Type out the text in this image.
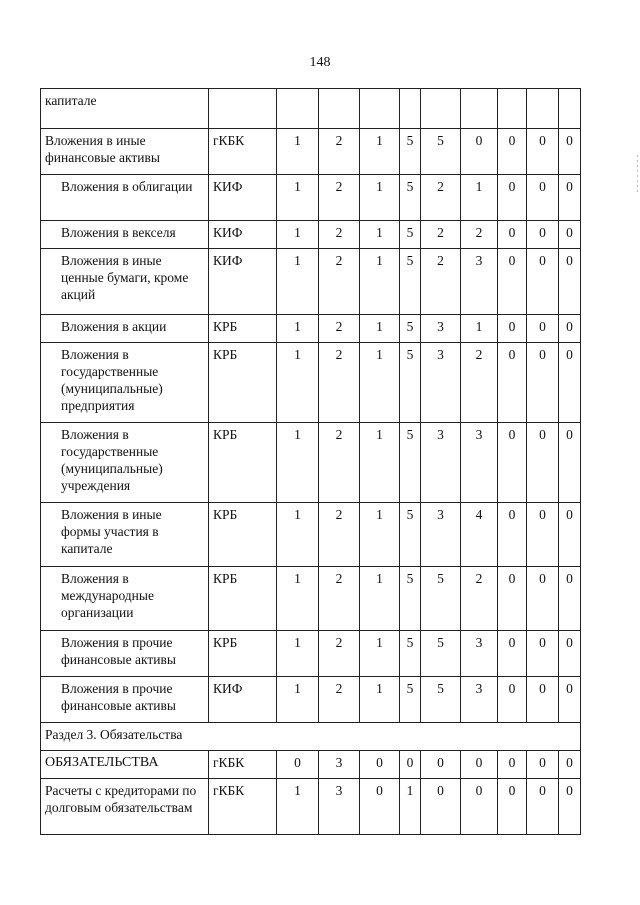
148
капитале										
Вложения в иные финансовые активы	гКБК	1	2	1	5	5	0	0	0	0
Вложения в облигации	КИФ	1	2	1	5	2	1	0	0	0
Вложения в векселя	КИФ	1	2	1	5	2	2	0	0	0
Вложения в иные ценные бумаги, кроме акций	КИФ	1	2	1	5	2	3	0	0	0
Вложения в акции	КРБ	1	2	1	5	3	1	0	0	0
Вложения в государственные (муниципальные) предприятия	КРБ	1	2	1	5	3	2	0	0	0
Вложения в государственные (муниципальные) учреждения	КРБ	1	2	1	5	3	3	0	0	0
Вложения в иные формы участия в капитале	КРБ	1	2	1	5	3	4	0	0	0
Вложения в международные организации	КРБ	1	2	1	5	5	2	0	0	0
Вложения в прочие финансовые активы	КРБ	1	2	1	5	5	3	0	0	0
Вложения в прочие финансовые активы	КИФ	1	2	1	5	5	3	0	0	0
Раздел 3. Обязательства										
ОБЯЗАТЕЛЬСТВА	гКБК	0	3	0	0	0	0	0	0	0
Расчеты с кредиторами по долговым обязательствам	гКБК	1	3	0	1	0	0	0	0	0
